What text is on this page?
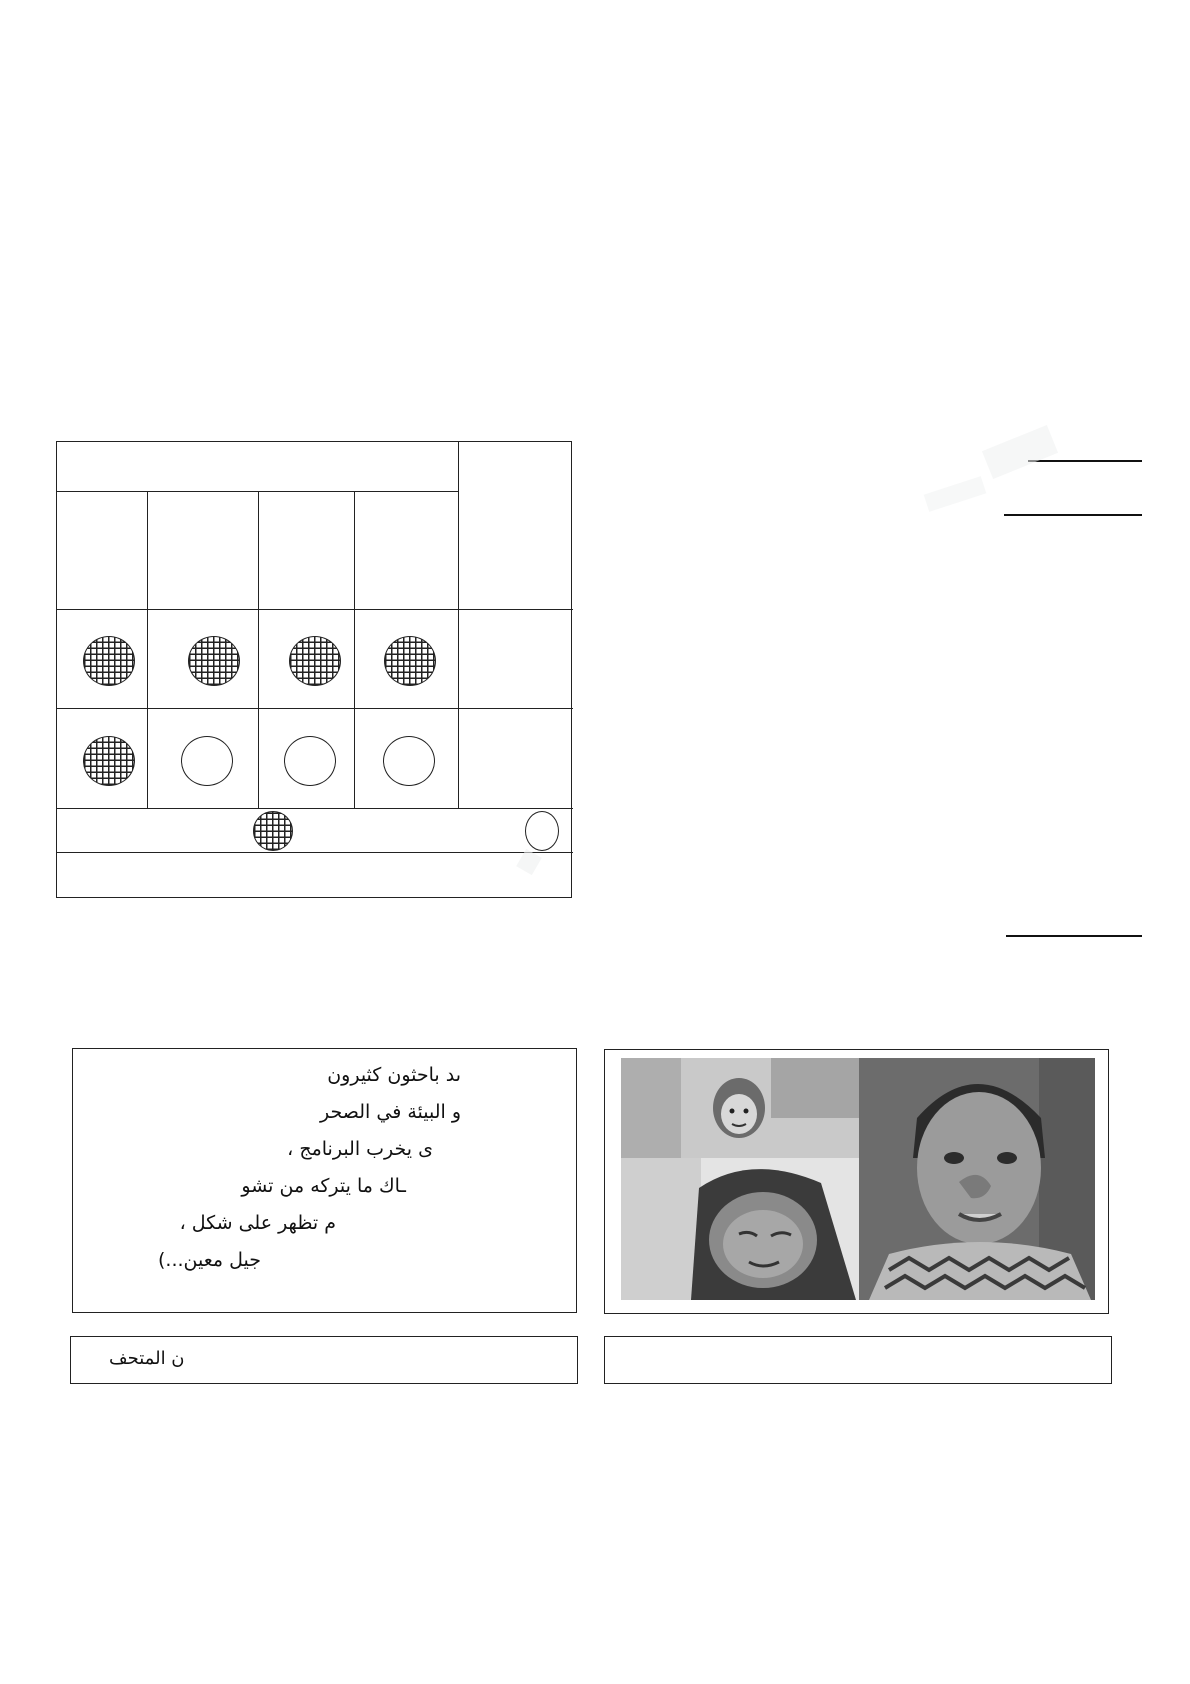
ىد باحثون كثيرون
و البيئة في الصحر
ى يخرب البرنامج ،
ـاك ما يتركه من تشو
م تظهر على شكل ،
جيل معين...)
ن المتحف
